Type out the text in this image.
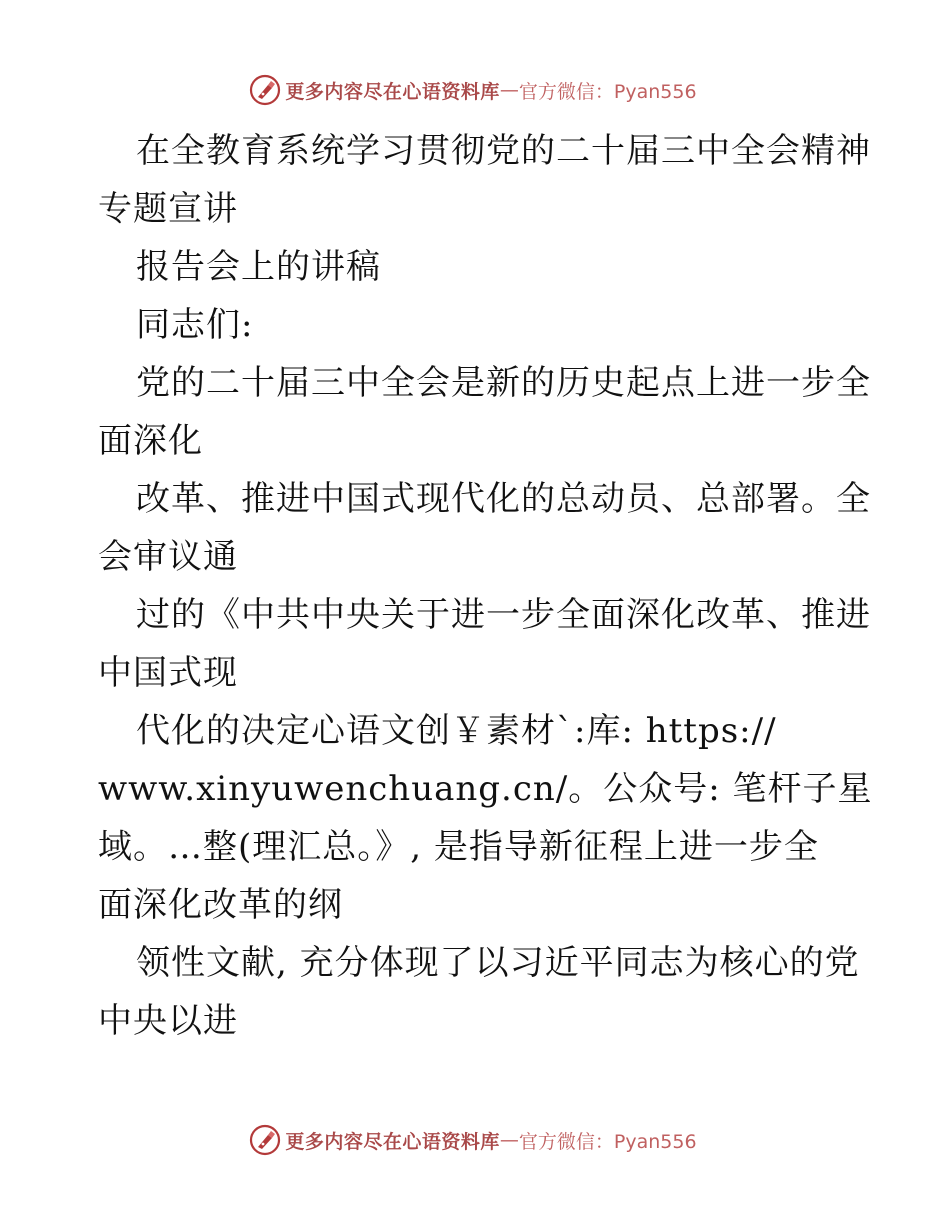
更多内容尽在心语资料库 — 官方微信：Pyan556
在全教育系统学习贯彻党的二十届三中全会精神
专题宣讲
报告会上的讲稿
同志们:
党的二十届三中全会是新的历史起点上进一步全
面深化
改革、推进中国式现代化的总动员、总部署。全
会审议通
过的《中共中央关于进一步全面深化改革、推进
中国式现
代化的决定心语文创￥素材`:库: https://
www.xinyuwenchuang.cn/。公众号: 笔杆子星
域。…整(理汇总。》, 是指导新征程上进一步全
面深化改革的纲
领性文献, 充分体现了以习近平同志为核心的党
中央以进
更多内容尽在心语资料库 — 官方微信：Pyan556
